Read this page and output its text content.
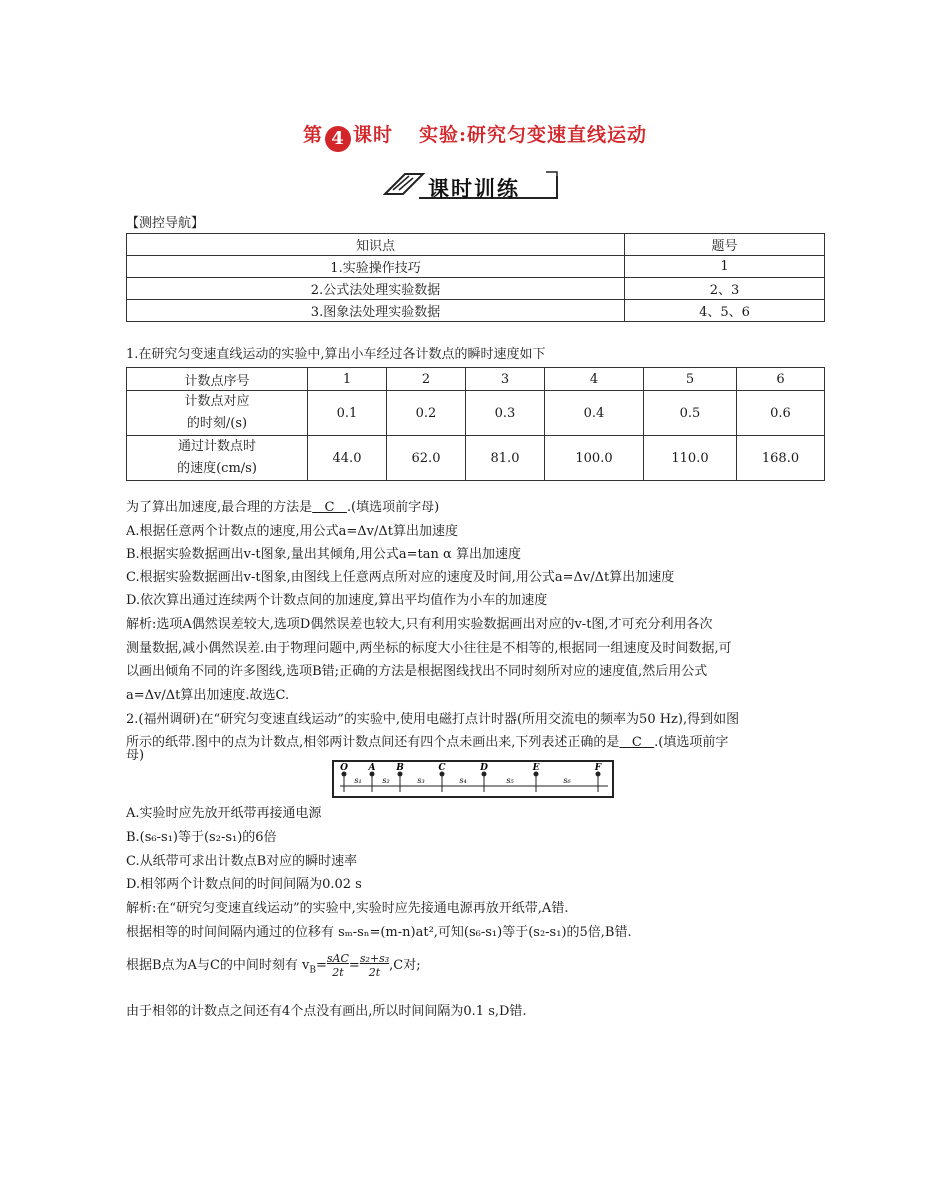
第 4 课时 实验:研究匀变速直线运动
课时训练
【测控导航】
知识点	题号
1.实验操作技巧	1
2.公式法处理实验数据	2、3
3.图象法处理实验数据	4、5、6
1.在研究匀变速直线运动的实验中,算出小车经过各计数点的瞬时速度如下
计数点序号	1	2	3	4	5	6
计数点对应
的时刻/(s)	0.1	0.2	0.3	0.4	0.5	0.6
通过计数点时
的速度(cm/s)	44.0	62.0	81.0	100.0	110.0	168.0
为了算出加速度,最合理的方法是 C .(填选项前字母)
A.根据任意两个计数点的速度,用公式a=Δv/Δt算出加速度
B.根据实验数据画出v-t图象,量出其倾角,用公式a=tan α 算出加速度
C.根据实验数据画出v-t图象,由图线上任意两点所对应的速度及时间,用公式a=Δv/Δt算出加速度
D.依次算出通过连续两个计数点间的加速度,算出平均值作为小车的加速度
解析:选项A偶然误差较大,选项D偶然误差也较大,只有利用实验数据画出对应的v-t图,才可充分利用各次
测量数据,减小偶然误差.由于物理问题中,两坐标的标度大小往往是不相等的,根据同一组速度及时间数据,可
以画出倾角不同的许多图线,选项B错;正确的方法是根据图线找出不同时刻所对应的速度值,然后用公式
a=Δv/Δt算出加速度.故选C.
2.(福州调研)在“研究匀变速直线运动”的实验中,使用电磁打点计时器(所用交流电的频率为50 Hz),得到如图
所示的纸带.图中的点为计数点,相邻两计数点间还有四个点未画出来,下列表述正确的是 C .(填选项前字
母)
O A B	C	D	E	F
s₁	s₂	s₃	s₄	s₅	s₆
A.实验时应先放开纸带再接通电源
B.(s₆-s₁)等于(s₂-s₁)的6倍
C.从纸带可求出计数点B对应的瞬时速率
D.相邻两个计数点间的时间间隔为0.02 s
解析:在“研究匀变速直线运动”的实验中,实验时应先接通电源再放开纸带,A错.
根据相等的时间间隔内通过的位移有 sₘ-sₙ=(m-n)at²,可知(s₆-s₁)等于(s₂-s₁)的5倍,B错.
根据B点为A与C的中间时刻有 $v_B= \frac{\text{sAC}}{2t} = \frac{\text{s₂+s₃}}{2t} ,C$对;
由于相邻的计数点之间还有4个点没有画出,所以时间间隔为0.1 s,D错.
